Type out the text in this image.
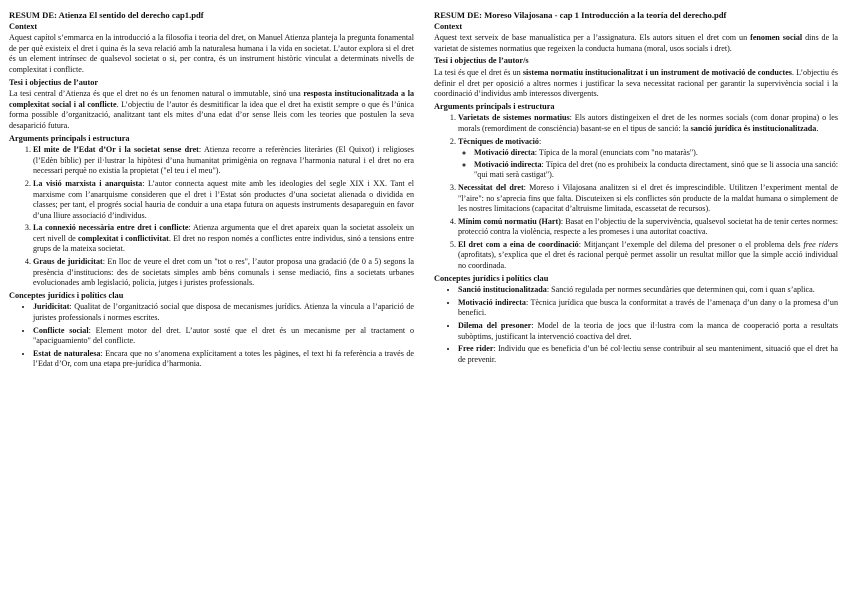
RESUM DE: Atienza El sentido del derecho cap1.pdf
Context

Aquest capítol s’emmarca en la introducció a la filosofia i teoria del dret, on Manuel Atienza planteja la pregunta fonamental de per què existeix el dret i quina és la seva relació amb la naturalesa humana i la vida en societat. L’autor explora si el dret és un element intrínsec de qualsevol societat o si, per contra, és un instrument històric vinculat a determinats nivells de complexitat i conflicte.

Tesi i objectius de l’autor

La tesi central d’Atienza és que el dret no és un fenomen natural o immutable, sinó una resposta institucionalitzada a la complexitat social i al conflicte. L’objectiu de l’autor és desmitificar la idea que el dret ha existit sempre o que és l’única forma possible d’organització, analitzant tant els mites d’una edat d’or sense lleis com les teories que postulen la seva desaparició futura.

Arguments principals i estructura
1. El mite de l’Edat d’Or i la societat sense dret: Atienza recorre a referències literàries (El Quixot) i religioses (l’Edèn bíblic) per il·lustrar la hipòtesi d’una humanitat primigènia on regnava l’harmonia natural i el dret no era necessari perquè no existia la propietat ("el teu i el meu").
2. La visió marxista i anarquista: L’autor connecta aquest mite amb les ideologies del segle XIX i XX. Tant el marxisme com l’anarquisme consideren que el dret i l’Estat són productes d’una societat alienada o dividida en classes; per tant, el progrés social hauria de conduir a una etapa futura on aquests instruments desapareguin en favor d’una lliure associació d’individus.
3. La connexió necessària entre dret i conflicte: Atienza argumenta que el dret apareix quan la societat assoleix un cert nivell de complexitat i conflictivitat. El dret no respon només a conflictes entre individus, sinó a tensions entre grups de la mateixa societat.
4. Graus de juridicitat: En lloc de veure el dret com un "tot o res", l’autor proposa una gradació (de 0 a 5) segons la presència d’institucions: des de societats simples amb béns comunals i sense mediació, fins a societats urbanes evolucionades amb legislació, policia, jutges i juristes professionals.
Conceptes jurídics i polítics clau
• Juridicitat: Qualitat de l’organització social que disposa de mecanismes jurídics. Atienza la vincula a l’aparició de juristes professionals i normes escrites.
• Conflicte social: Element motor del dret. L’autor sosté que el dret és un mecanisme per al tractament o "apaciguamiento" del conflicte.
• Estat de naturalesa: Encara que no s’anomena explícitament a totes les pàgines, el text hi fa referència a través de l’Edat d’Or, com una etapa pre-jurídica d’harmonia.
RESUM DE: Moreso Vilajosana - cap 1 Introducción a la teoría del derecho.pdf
Context

Aquest text serveix de base manualística per a l’assignatura. Els autors situen el dret com un fenomen social dins de la varietat de sistemes normatius que regeixen la conducta humana (moral, usos socials i dret).

Tesi i objectius de l’autor/s

La tesi és que el dret és un sistema normatiu institucionalitzat i un instrument de motivació de conductes. L’objectiu és definir el dret per oposició a altres normes i justificar la seva necessitat racional per garantir la supervivència social i la coordinació d’individus amb interessos divergents.

Arguments principals i estructura
1. Varietats de sistemes normatius: Els autors distingeixen el dret de les normes socials (com donar propina) o les morals (remordiment de consciència) basant-se en el tipus de sanció: la sanció jurídica és institucionalitzada.
2. Tècniques de motivació:
◦ Motivació directa: Típica de la moral (enunciats com "no mataràs").
◦ Motivació indirecta: Típica del dret (no es prohibeix la conducta directament, sinó que se li associa una sanció: "qui mati serà castigat").
3. Necessitat del dret: Moreso i Vilajosana analitzen si el dret és imprescindible. Utilitzen l’experiment mental de "l’aire": no s’aprecia fins que falta. Discuteixen si els conflictes són producte de la maldat humana o simplement de les nostres limitacions (capacitat d’altruisme limitada, escassetat de recursos).
4. Mínim comú normatiu (Hart): Basat en l’objectiu de la supervivència, qualsevol societat ha de tenir certes normes: protecció contra la violència, respecte a les promeses i una autoritat coactiva.
5. El dret com a eina de coordinació: Mitjançant l’exemple del dilema del presoner o el problema dels free riders (aprofitats), s’explica que el dret és racional perquè permet assolir un resultat millor que la simple acció individual no coordinada.
Conceptes jurídics i polítics clau
• Sanció institucionalitzada: Sanció regulada per normes secundàries que determinen qui, com i quan s’aplica.
• Motivació indirecta: Tècnica jurídica que busca la conformitat a través de l’amenaça d’un dany o la promesa d’un benefici.
• Dilema del presoner: Model de la teoria de jocs que il·lustra com la manca de cooperació porta a resultats subòptims, justificant la intervenció coactiva del dret.
• Free rider: Individu que es beneficia d’un bé col·lectiu sense contribuir al seu manteniment, situació que el dret ha de prevenir.
